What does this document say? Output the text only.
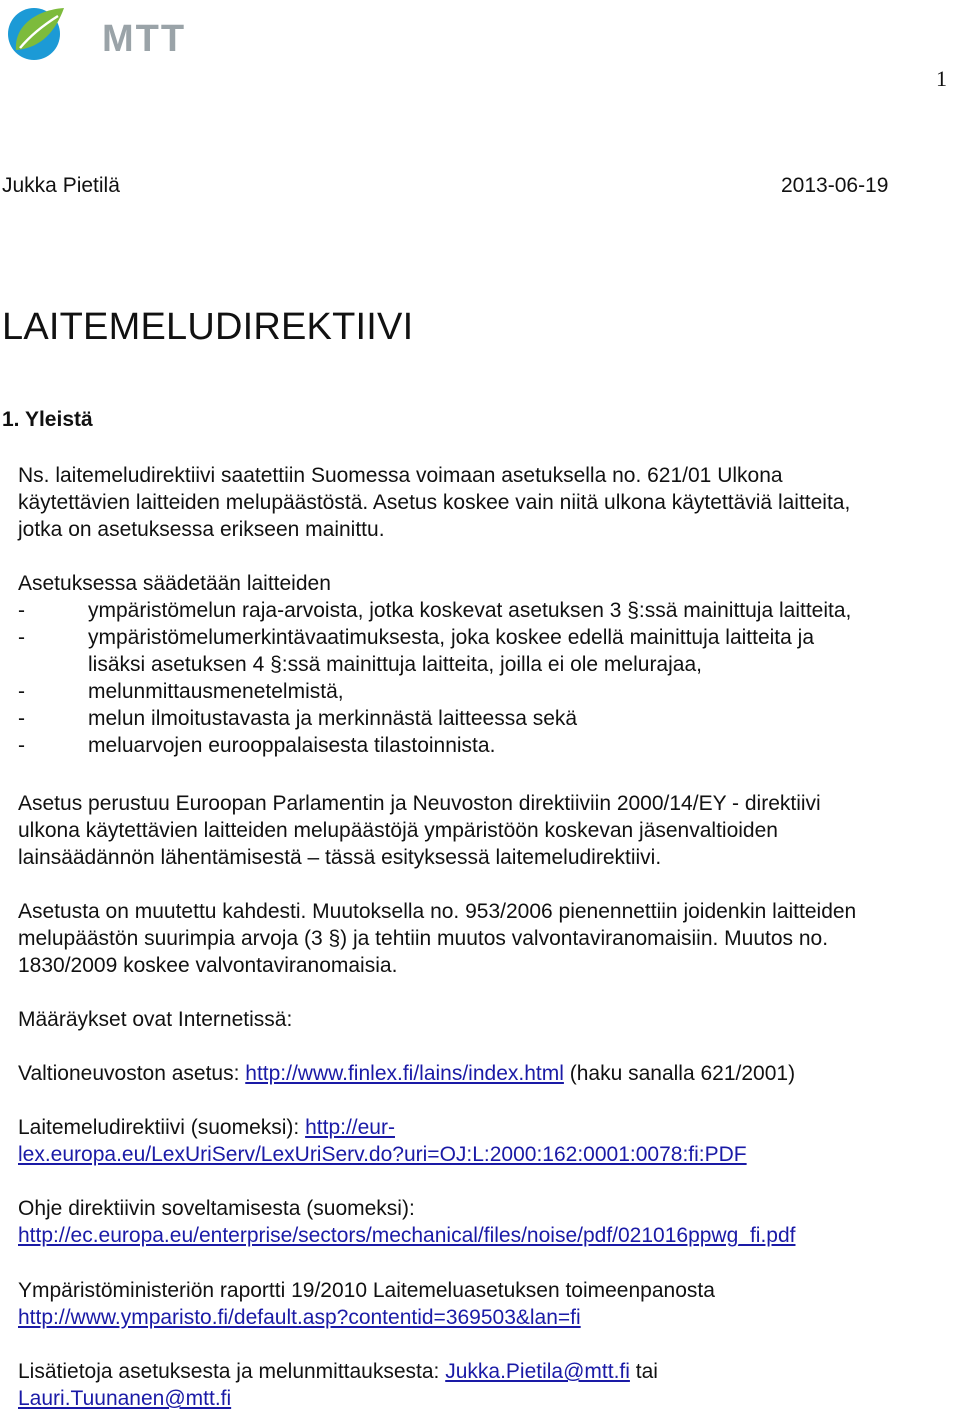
MTT
1
Jukka Pietilä	2013-06-19
LAITEMELUDIREKTIIVI
1. Yleistä
Ns. laitemeludirektiivi saatettiin Suomessa voimaan asetuksella no. 621/01 Ulkona
käytettävien laitteiden melupäästöstä. Asetus koskee vain niitä ulkona käytettäviä laitteita,
jotka on asetuksessa erikseen mainittu.
Asetuksessa säädetään laitteiden
-	ympäristömelun raja-arvoista, jotka koskevat asetuksen 3 §:ssä mainittuja laitteita,
-	ympäristömelumerkintävaatimuksesta, joka koskee edellä mainittuja laitteita ja
lisäksi asetuksen 4 §:ssä mainittuja laitteita, joilla ei ole melurajaa,
-	melunmittausmenetelmistä,
-	melun ilmoitustavasta ja merkinnästä laitteessa sekä
-	meluarvojen eurooppalaisesta tilastoinnista.
Asetus perustuu Euroopan Parlamentin ja Neuvoston direktiiviin 2000/14/EY - direktiivi
ulkona käytettävien laitteiden melupäästöjä ympäristöön koskevan jäsenvaltioiden
lainsäädännön lähentämisestä – tässä esityksessä laitemeludirektiivi.
Asetusta on muutettu kahdesti. Muutoksella no. 953/2006 pienennettiin joidenkin laitteiden
melupäästön suurimpia arvoja (3 §) ja tehtiin muutos valvontaviranomaisiin. Muutos no.
1830/2009 koskee valvontaviranomaisia.
Määräykset ovat Internetissä:
Valtioneuvoston asetus: http://www.finlex.fi/lains/index.html (haku sanalla 621/2001)
Laitemeludirektiivi (suomeksi): http://eur-
lex.europa.eu/LexUriServ/LexUriServ.do?uri=OJ:L:2000:162:0001:0078:fi:PDF
Ohje direktiivin soveltamisesta (suomeksi):
http://ec.europa.eu/enterprise/sectors/mechanical/files/noise/pdf/021016ppwg_fi.pdf
Ympäristöministeriön raportti 19/2010 Laitemeluasetuksen toimeenpanosta
http://www.ymparisto.fi/default.asp?contentid=369503&lan=fi
Lisätietoja asetuksesta ja melunmittauksesta: Jukka.Pietila@mtt.fi tai
Lauri.Tuunanen@mtt.fi
